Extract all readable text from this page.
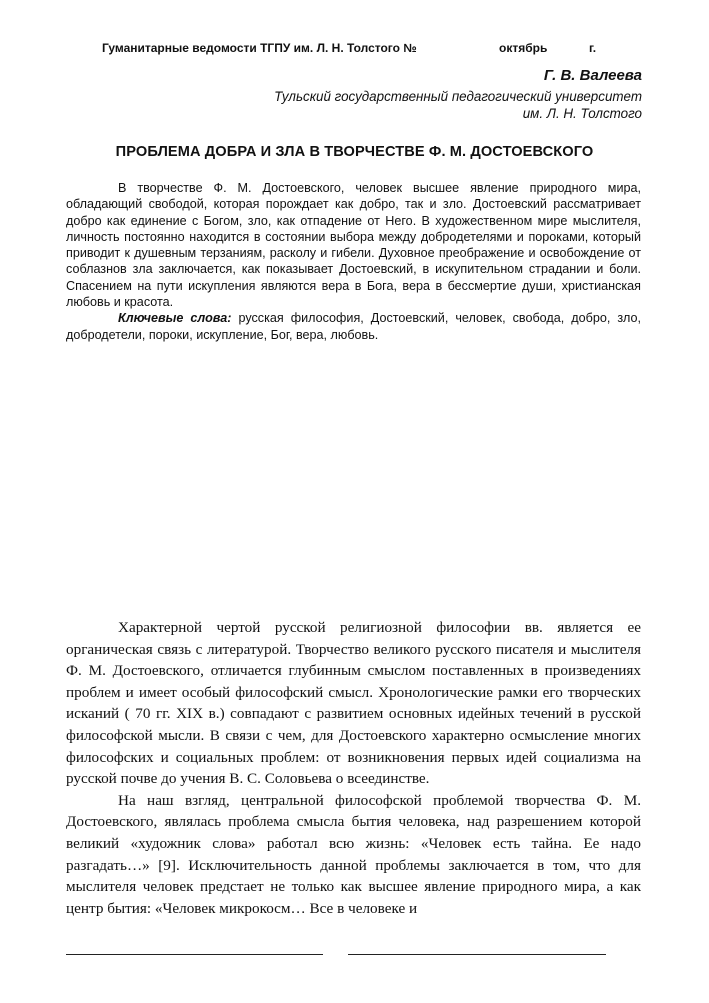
Гуманитарные ведомости ТГПУ им. Л. Н. Толстого №	октябрь	г.
Г. В. Валеева
Тульский государственный педагогический университет
им. Л. Н. Толстого
ПРОБЛЕМА ДОБРА И ЗЛА В ТВОРЧЕСТВЕ Ф. М. ДОСТОЕВСКОГО

В творчестве Ф. М. Достоевского, человек высшее явление природного мира, обладающий свободой, которая порождает как добро, так и зло. Достоевский рассматривает добро как единение с Богом, зло, как отпадение от Него. В художественном мире мыслителя, личность постоянно находится в состоянии выбора между добродетелями и пороками, который приводит к душевным терзаниям, расколу и гибели. Духовное преображение и освобождение от соблазнов зла заключается, как показывает Достоевский, в искупительном страдании и боли. Спасением на пути искупления являются вера в Бога, вера в бессмертие души, христианская любовь и красота.

Ключевые слова: русская философия, Достоевский, человек, свобода, добро, зло, добродетели, пороки, искупление, Бог, вера, любовь.

Характерной чертой русской религиозной философии вв. является ее органическая связь с литературой. Творчество великого русского писателя и мыслителя Ф. М. Достоевского, отличается глубинным смыслом поставленных в произведениях проблем и имеет особый философский смысл. Хронологические рамки его творческих исканий ( 70 гг. XIX в.) совпадают с развитием основных идейных течений в русской философской мысли. В связи с чем, для Достоевского характерно осмысление многих философских и социальных проблем: от возникновения первых идей социализма на русской почве до учения В. С. Соловьева о всеединстве.

На наш взгляд, центральной философской проблемой творчества Ф. М. Достоевского, являлась проблема смысла бытия человека, над разрешением которой великий «художник слова» работал всю жизнь: «Человек есть тайна. Ее надо разгадать…» [9]. Исключительность данной проблемы заключается в том, что для мыслителя человек предстает не только как высшее явление природного мира, а как центр бытия: «Человек микрокосм… Все в человеке и
